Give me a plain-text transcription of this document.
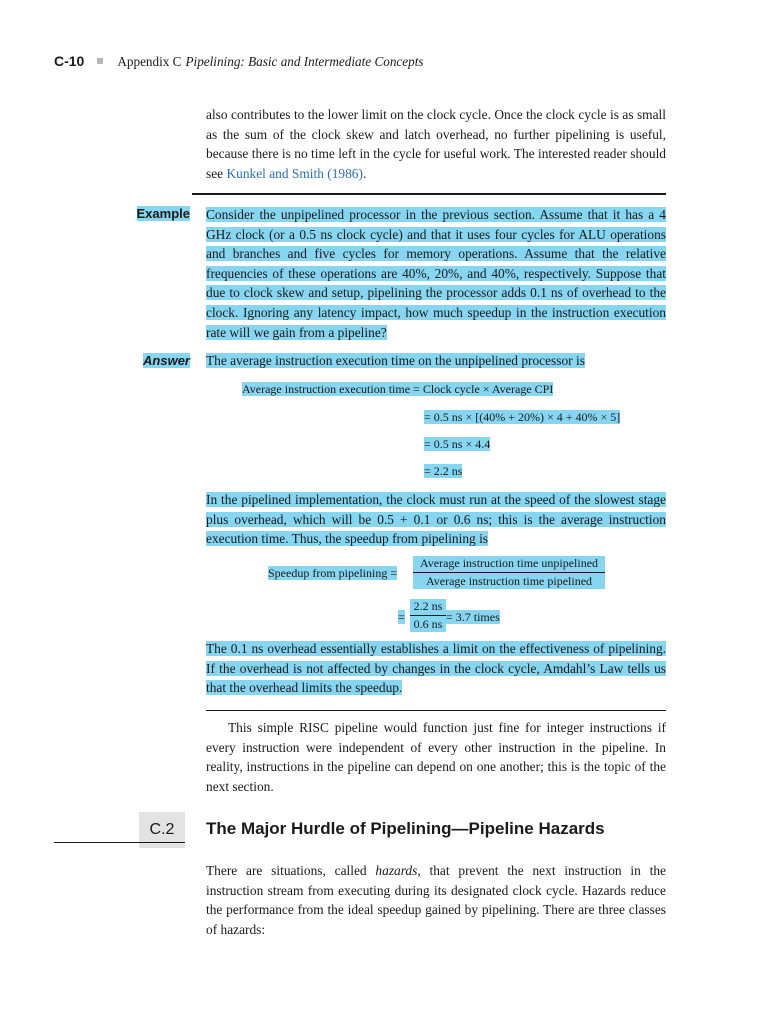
C-10	Appendix C Pipelining: Basic and Intermediate Concepts
also contributes to the lower limit on the clock cycle. Once the clock cycle is as small as the sum of the clock skew and latch overhead, no further pipelining is useful, because there is no time left in the cycle for useful work. The interested reader should see Kunkel and Smith (1986).
Example Consider the unpipelined processor in the previous section. Assume that it has a 4 GHz clock (or a 0.5 ns clock cycle) and that it uses four cycles for ALU operations and branches and five cycles for memory operations. Assume that the relative frequencies of these operations are 40%, 20%, and 40%, respectively. Suppose that due to clock skew and setup, pipelining the processor adds 0.1 ns of overhead to the clock. Ignoring any latency impact, how much speedup in the instruction execution rate will we gain from a pipeline?
Answer The average instruction execution time on the unpipelined processor is
Average instruction execution time = Clock cycle × Average CPI
= 0.5 ns × [(40% + 20%) × 4 + 40% × 5]
= 0.5 ns × 4.4
= 2.2 ns
In the pipelined implementation, the clock must run at the speed of the slowest stage plus overhead, which will be 0.5 + 0.1 or 0.6 ns; this is the average instruction execution time. Thus, the speedup from pipelining is
Speedup from pipelining =
Average instruction time unpipelined
Average instruction time pipelined
=
2.2 ns
0.6 ns = 3.7 times
The 0.1 ns overhead essentially establishes a limit on the effectiveness of pipelining. If the overhead is not affected by changes in the clock cycle, Amdahl’s Law tells us that the overhead limits the speedup.
This simple RISC pipeline would function just fine for integer instructions if every instruction were independent of every other instruction in the pipeline. In reality, instructions in the pipeline can depend on one another; this is the topic of the next section.
C.2	The Major Hurdle of Pipelining—Pipeline Hazards
There are situations, called hazards, that prevent the next instruction in the instruction stream from executing during its designated clock cycle. Hazards reduce the performance from the ideal speedup gained by pipelining. There are three classes of hazards:
